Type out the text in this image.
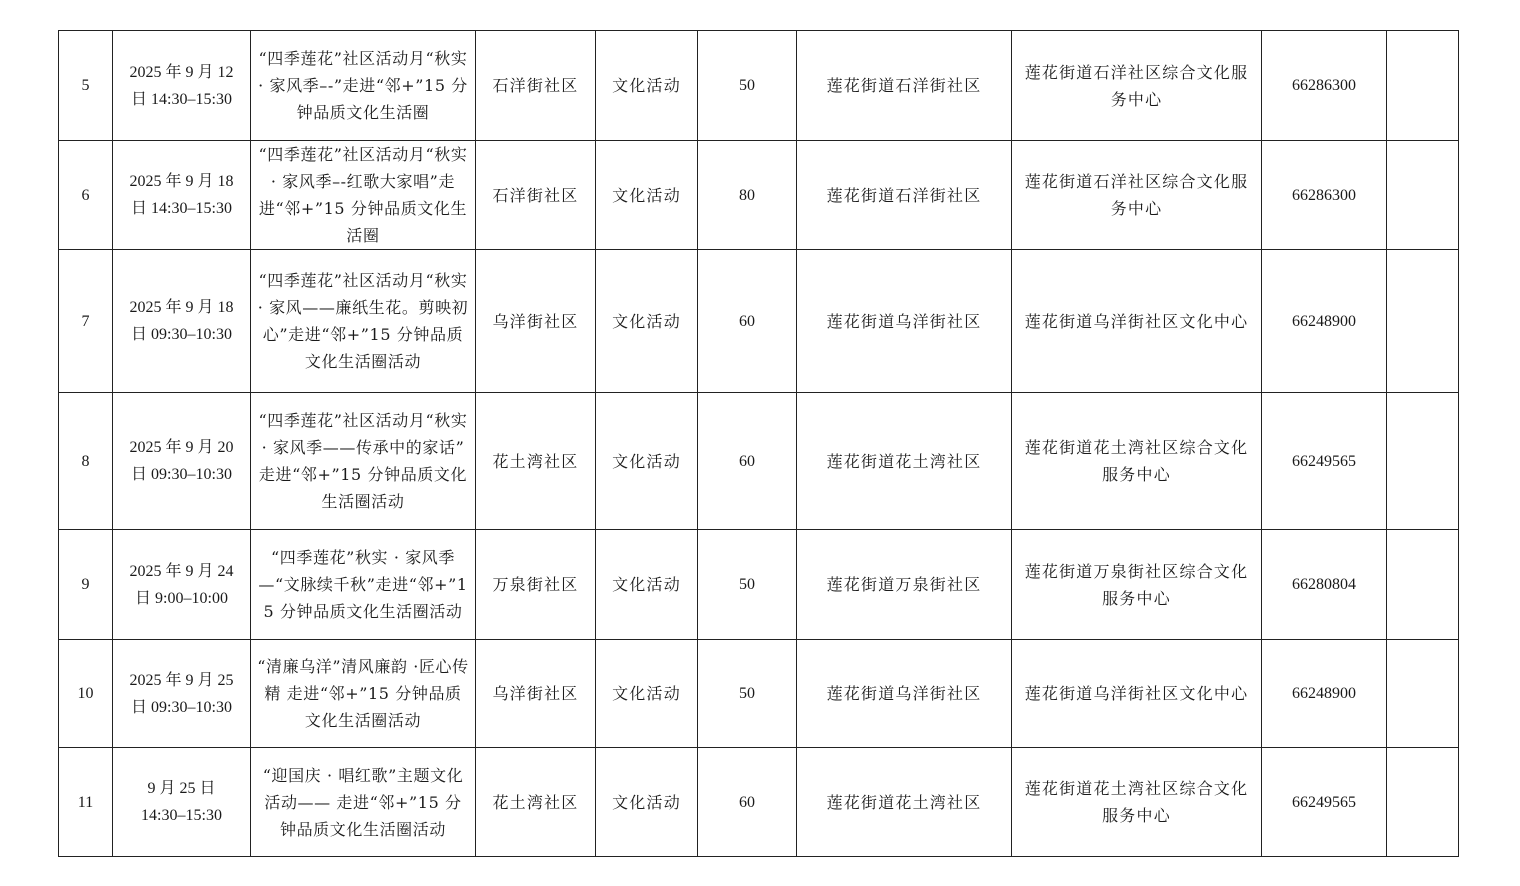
5	2025 年 9 月 12
日 14:30–15:30	“四季莲花”社区活动月“秋实 · 家风季–-”走进“邻+”15 分钟品质文化生活圈	石洋街社区	文化活动	50	莲花街道石洋街社区	莲花街道石洋社区综合文化服务中心	66286300	
6	2025 年 9 月 18
日 14:30–15:30	“四季莲花”社区活动月“秋实 · 家风季–-红歌大家唱”走进“邻+”15 分钟品质文化生活圈	石洋街社区	文化活动	80	莲花街道石洋街社区	莲花街道石洋社区综合文化服务中心	66286300	
7	2025 年 9 月 18
日 09:30–10:30	“四季莲花”社区活动月“秋实 · 家风——廉纸生花。剪映初心”走进“邻+”15 分钟品质文化生活圈活动	乌洋街社区	文化活动	60	莲花街道乌洋街社区	莲花街道乌洋街社区文化中心	66248900	
8	2025 年 9 月 20
日 09:30–10:30	“四季莲花”社区活动月“秋实 · 家风季——传承中的家话” 走进“邻+”15 分钟品质文化生活圈活动	花土湾社区	文化活动	60	莲花街道花土湾社区	莲花街道花土湾社区综合文化服务中心	66249565	
9	2025 年 9 月 24
日 9:00–10:00	“四季莲花”秋实 · 家风季—“文脉续千秋”走进“邻+”15 分钟品质文化生活圈活动	万泉街社区	文化活动	50	莲花街道万泉街社区	莲花街道万泉街社区综合文化服务中心	66280804	
10	2025 年 9 月 25
日 09:30–10:30	“清廉乌洋”清风廉韵 ·匠心传精 走进“邻+”15 分钟品质文化生活圈活动	乌洋街社区	文化活动	50	莲花街道乌洋街社区	莲花街道乌洋街社区文化中心	66248900	
11	9 月 25 日
14:30–15:30	“迎国庆 · 唱红歌”主题文化活动—— 走进“邻+”15 分钟品质文化生活圈活动	花土湾社区	文化活动	60	莲花街道花土湾社区	莲花街道花土湾社区综合文化服务中心	66249565	
